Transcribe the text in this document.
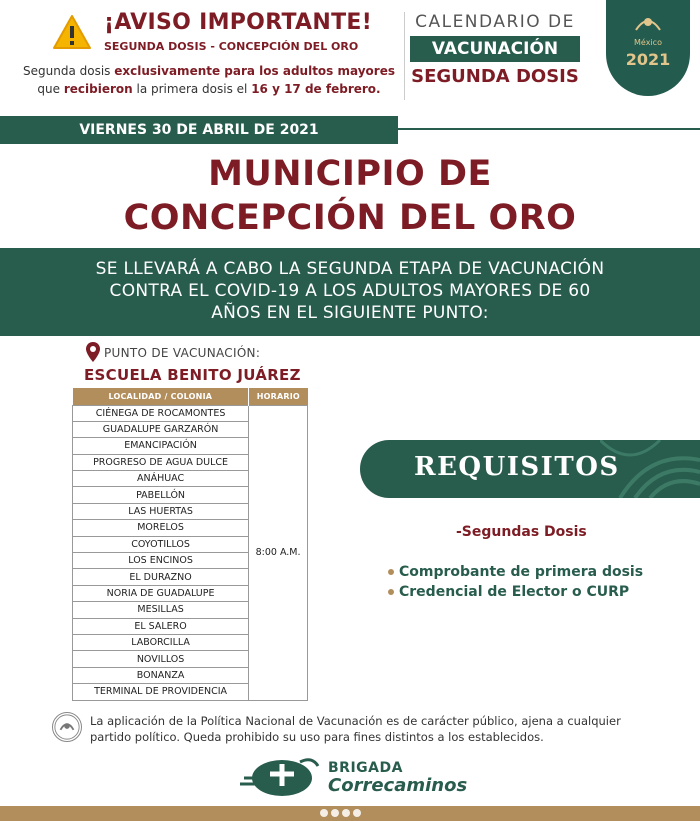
¡AVISO IMPORTANTE!
SEGUNDA DOSIS - CONCEPCIÓN DEL ORO
Segunda dosis exclusivamente para los adultos mayores
que recibieron la primera dosis el 16 y 17 de febrero.
CALENDARIO DE
VACUNACIÓN
SEGUNDA DOSIS
México
2021
VIERNES 30 DE ABRIL DE 2021
MUNICIPIO DE
CONCEPCIÓN DEL ORO
SE LLEVARÁ A CABO LA SEGUNDA ETAPA DE VACUNACIÓN
CONTRA EL COVID-19 A LOS ADULTOS MAYORES DE 60
AÑOS EN EL SIGUIENTE PUNTO:
PUNTO DE VACUNACIÓN:
ESCUELA BENITO JUÁREZ
LOCALIDAD / COLONIA	HORARIO
CIÉNEGA DE ROCAMONTES	8:00 A.M.
GUADALUPE GARZARÓN	
EMANCIPACIÓN	
PROGRESO DE AGUA DULCE	
ANÁHUAC	
PABELLÓN	
LAS HUERTAS	
MORELOS	
COYOTILLOS	
LOS ENCINOS	
EL DURAZNO	
NORIA DE GUADALUPE	
MESILLAS	
EL SALERO	
LABORCILLA	
NOVILLOS	
BONANZA	
TERMINAL DE PROVIDENCIA	
REQUISITOS
-Segundas Dosis
Comprobante de primera dosis
Credencial de Elector o CURP
La aplicación de la Política Nacional de Vacunación es de carácter público, ajena a cualquier
partido político. Queda prohibido su uso para fines distintos a los establecidos.
BRIGADA
Correcaminos
